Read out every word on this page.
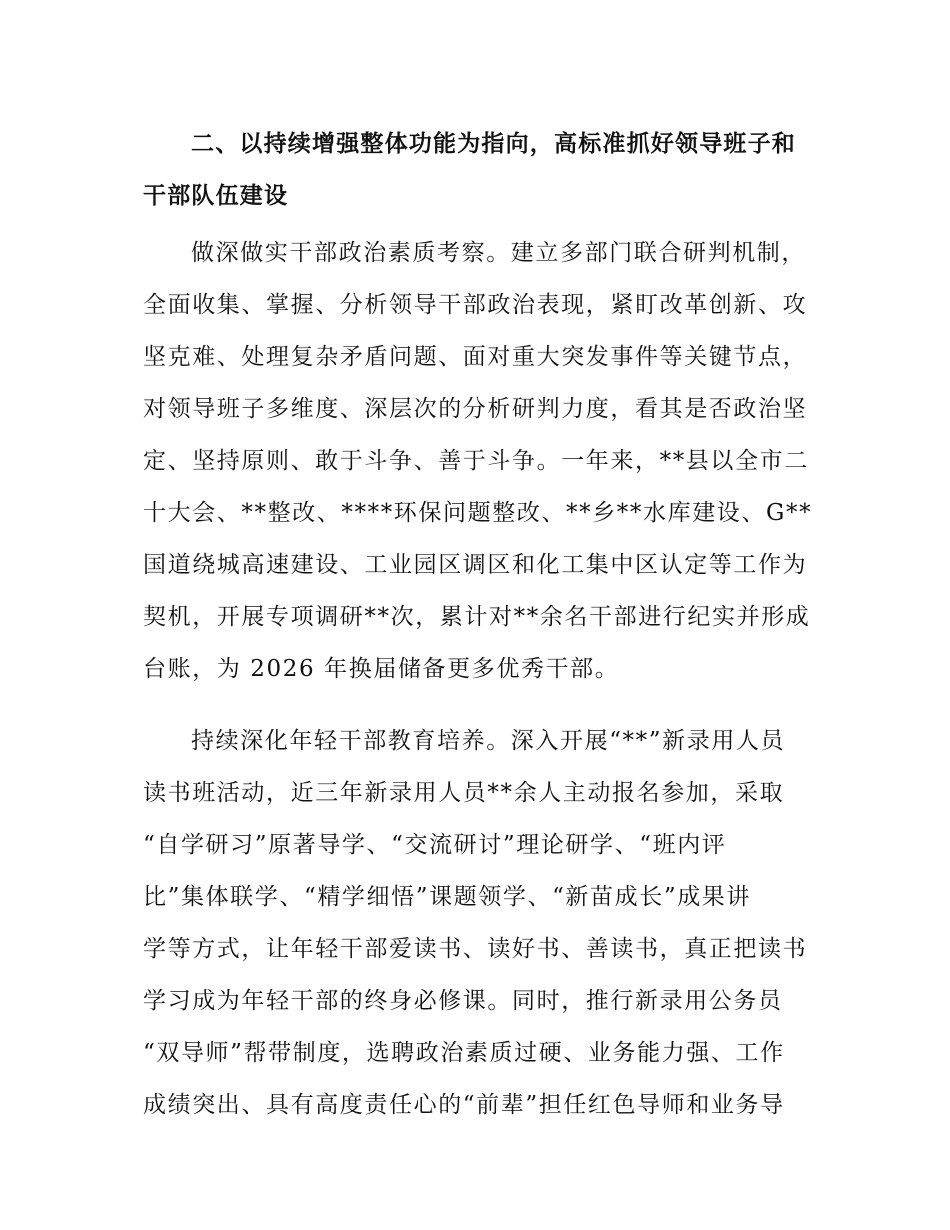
二、以持续增强整体功能为指向，高标准抓好领导班子和
干部队伍建设
做深做实干部政治素质考察。建立多部门联合研判机制，
全面收集、掌握、分析领导干部政治表现，紧盯改革创新、攻
坚克难、处理复杂矛盾问题、面对重大突发事件等关键节点，
对领导班子多维度、深层次的分析研判力度，看其是否政治坚
定、坚持原则、敢于斗争、善于斗争。一年来，**县以全市二
十大会、**整改、****环保问题整改、**乡**水库建设、G**
国道绕城高速建设、工业园区调区和化工集中区认定等工作为
契机，开展专项调研**次，累计对**余名干部进行纪实并形成
台账，为 2026 年换届储备更多优秀干部。
持续深化年轻干部教育培养。深入开展“**”新录用人员
读书班活动，近三年新录用人员**余人主动报名参加，采取
“自学研习”原著导学、“交流研讨”理论研学、“班内评
比”集体联学、“精学细悟”课题领学、“新苗成长”成果讲
学等方式，让年轻干部爱读书、读好书、善读书，真正把读书
学习成为年轻干部的终身必修课。同时，推行新录用公务员
“双导师”帮带制度，选聘政治素质过硬、业务能力强、工作
成绩突出、具有高度责任心的“前辈”担任红色导师和业务导
